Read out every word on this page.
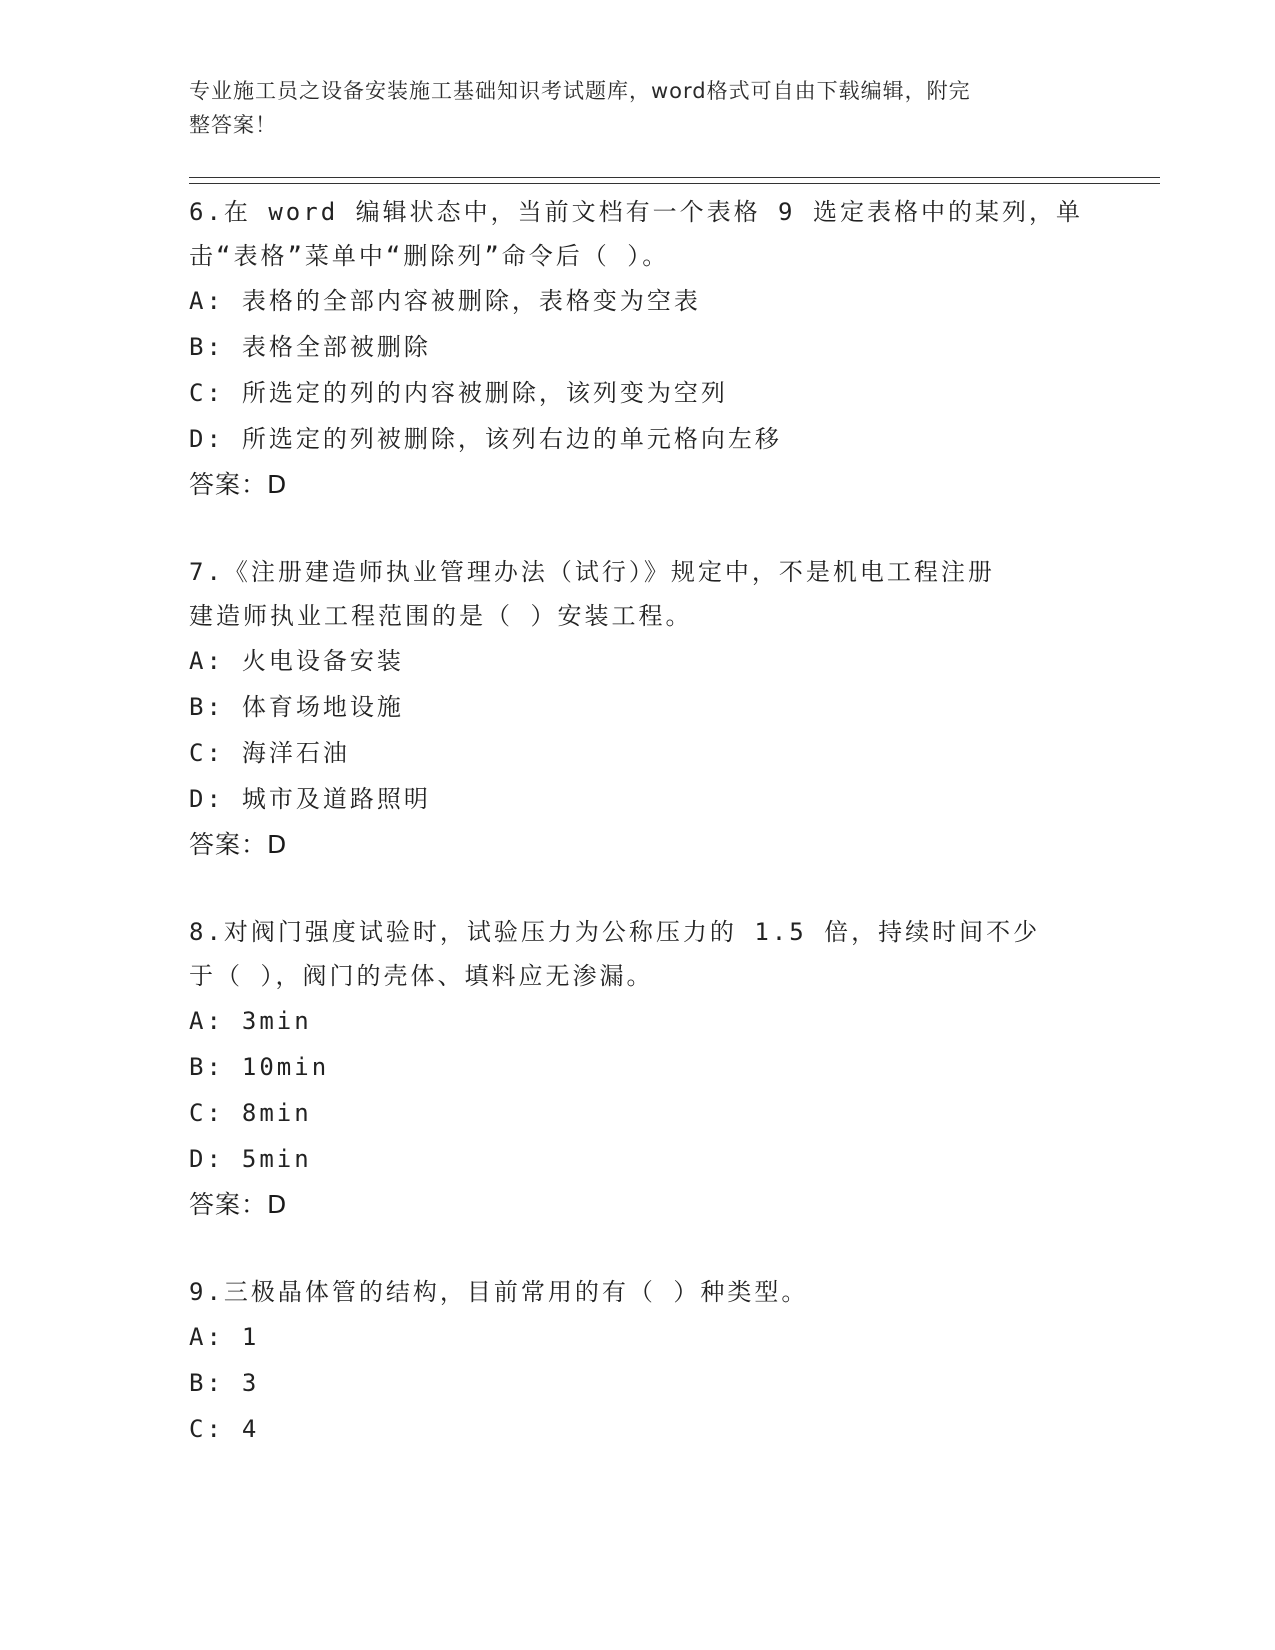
专业施工员之设备安装施工基础知识考试题库，word格式可自由下载编辑，附完
整答案！

6.在 word 编辑状态中，当前文档有一个表格 9 选定表格中的某列，单
击“表格”菜单中“删除列”命令后（ ）。

A: 表格的全部内容被删除，表格变为空表

B: 表格全部被删除

C: 所选定的列的内容被删除，该列变为空列

D: 所选定的列被删除，该列右边的单元格向左移

答案：D

7.《注册建造师执业管理办法（试行）》规定中，不是机电工程注册
建造师执业工程范围的是（ ）安装工程。

A: 火电设备安装

B: 体育场地设施

C: 海洋石油

D: 城市及道路照明

答案：D

8.对阀门强度试验时，试验压力为公称压力的 1.5 倍，持续时间不少
于（ ），阀门的壳体、填料应无渗漏。

A: 3min

B: 10min

C: 8min

D: 5min

答案：D

9.三极晶体管的结构，目前常用的有（ ）种类型。

A: 1

B: 3

C: 4
